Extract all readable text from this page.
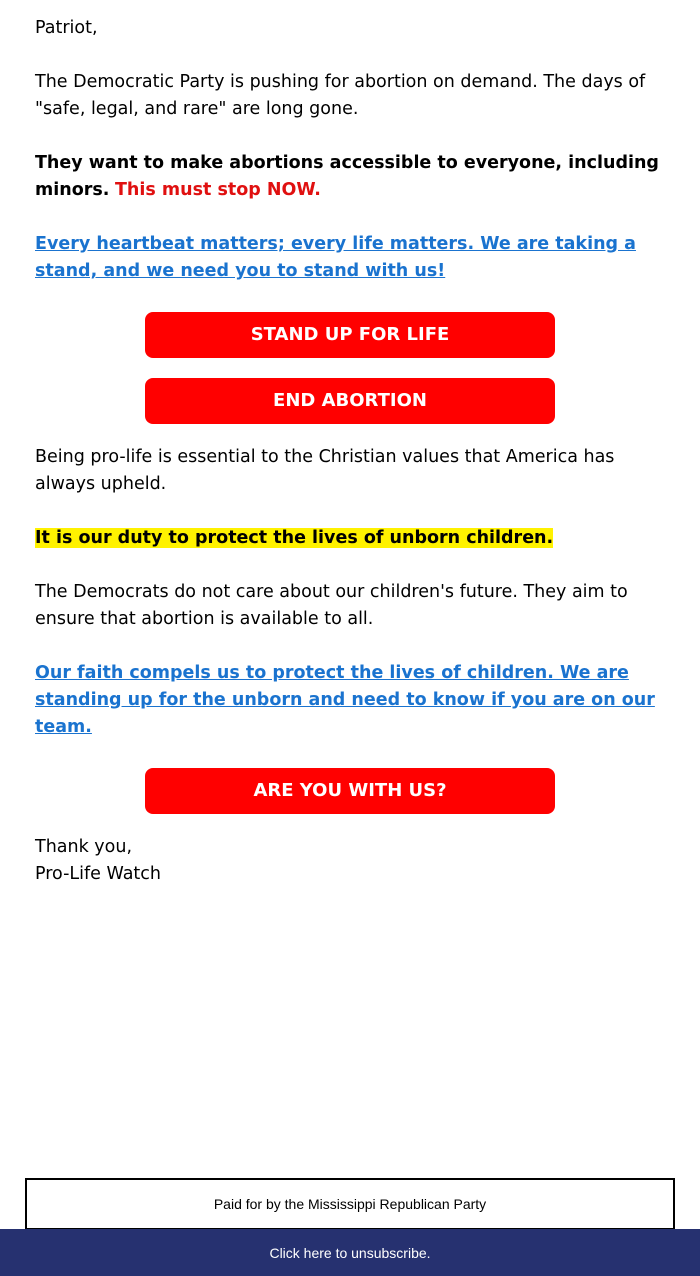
Patriot,

The Democratic Party is pushing for abortion on demand. The days of "safe, legal, and rare" are long gone.

They want to make abortions accessible to everyone, including minors. This must stop NOW.

Every heartbeat matters; every life matters. We are taking a stand, and we need you to stand with us!

STAND UP FOR LIFE
END ABORTION

Being pro-life is essential to the Christian values that America has always upheld.

It is our duty to protect the lives of unborn children.

The Democrats do not care about our children's future. They aim to ensure that abortion is available to all.

Our faith compels us to protect the lives of children. We are standing up for the unborn and need to know if you are on our team.

ARE YOU WITH US?

Thank you,
Pro-Life Watch

Paid for by the Mississippi Republican Party
Click here to unsubscribe.
